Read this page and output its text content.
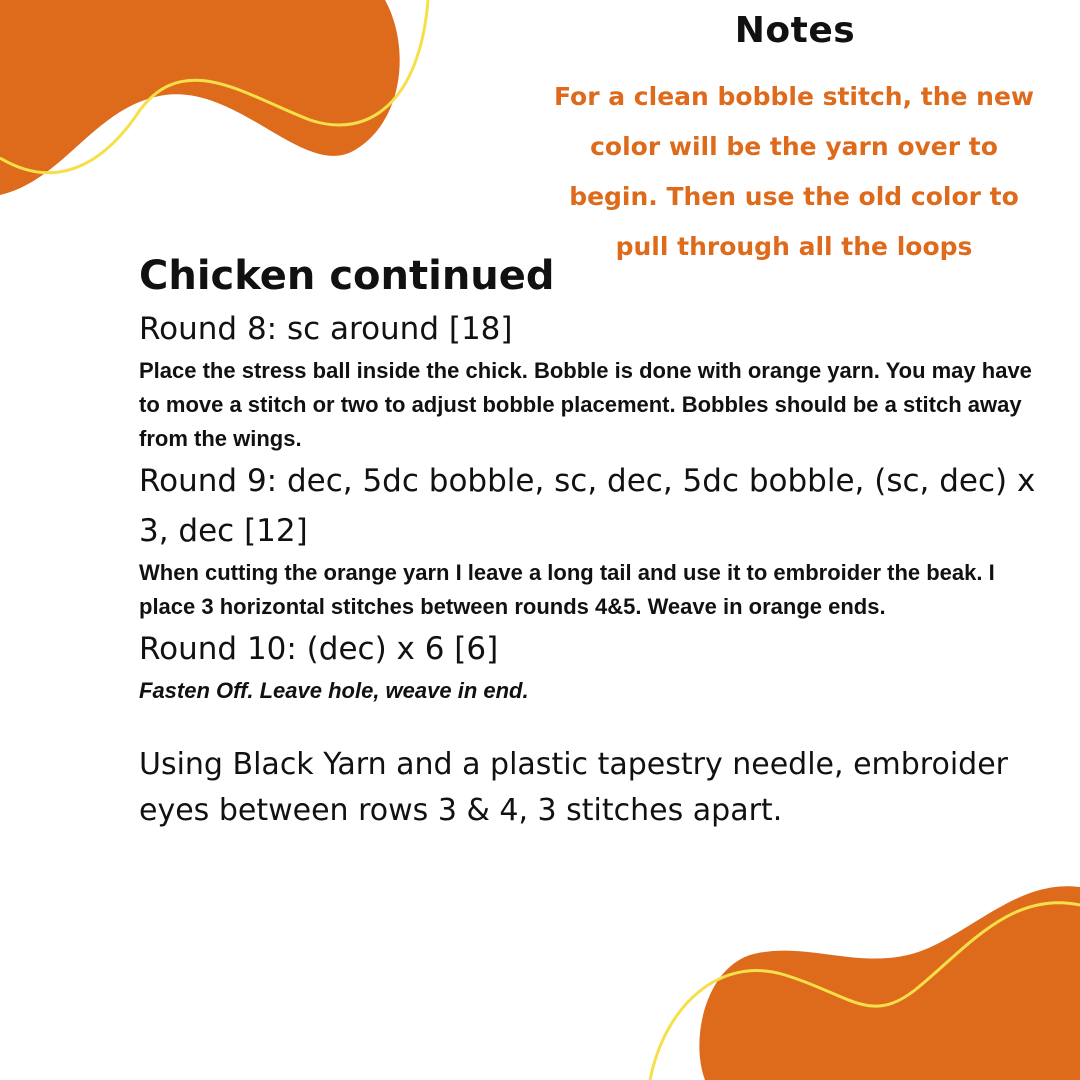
Notes
For a clean bobble stitch, the new color will be the yarn over to begin. Then use the old color to pull through all the loops
Chicken continued

Round 8: sc around [18]

Place the stress ball inside the chick. Bobble is done with orange yarn. You may have to move a stitch or two to adjust bobble placement. Bobbles should be a stitch away from the wings.

Round 9: dec, 5dc bobble, sc, dec, 5dc bobble, (sc, dec) x 3, dec [12]

When cutting the orange yarn I leave a long tail and use it to embroider the beak. I place 3 horizontal stitches between rounds 4&5. Weave in orange ends.

Round 10: (dec) x 6 [6]

Fasten Off. Leave hole, weave in end.

Using Black Yarn and a plastic tapestry needle, embroider eyes between rows 3 & 4, 3 stitches apart.
